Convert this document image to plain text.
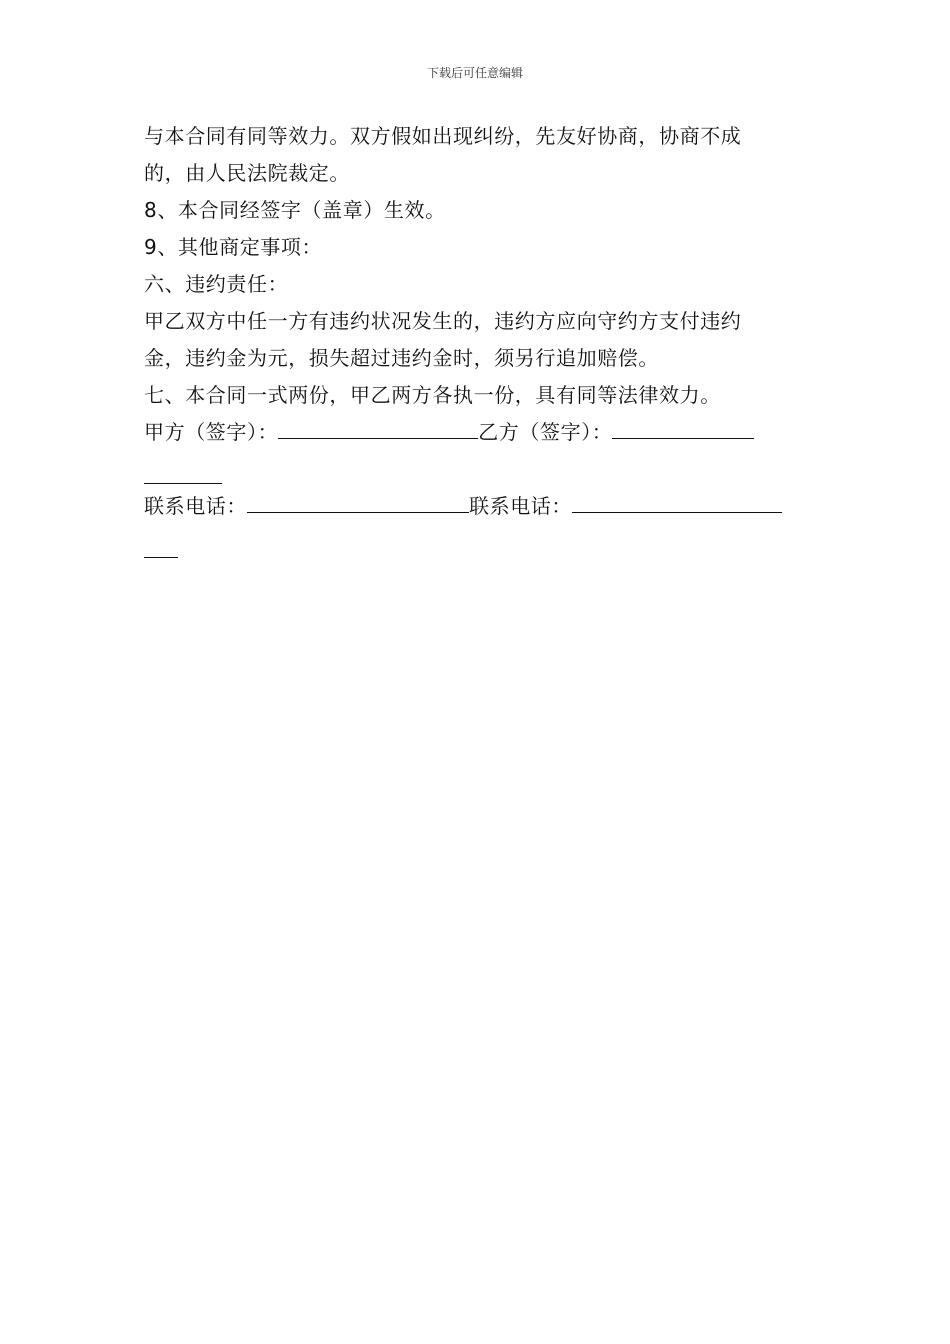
下载后可任意编辑
与本合同有同等效力。双方假如出现纠纷，先友好协商，协商不成
的，由人民法院裁定。
8、本合同经签字（盖章）生效。
9、其他商定事项：
六、违约责任：
甲乙双方中任一方有违约状况发生的，违约方应向守约方支付违约
金，违约金为元，损失超过违约金时，须另行追加赔偿。
七、本合同一式两份，甲乙两方各执一份，具有同等法律效力。
甲方（签字）：	乙方（签字）：
联系电话：	联系电话：
